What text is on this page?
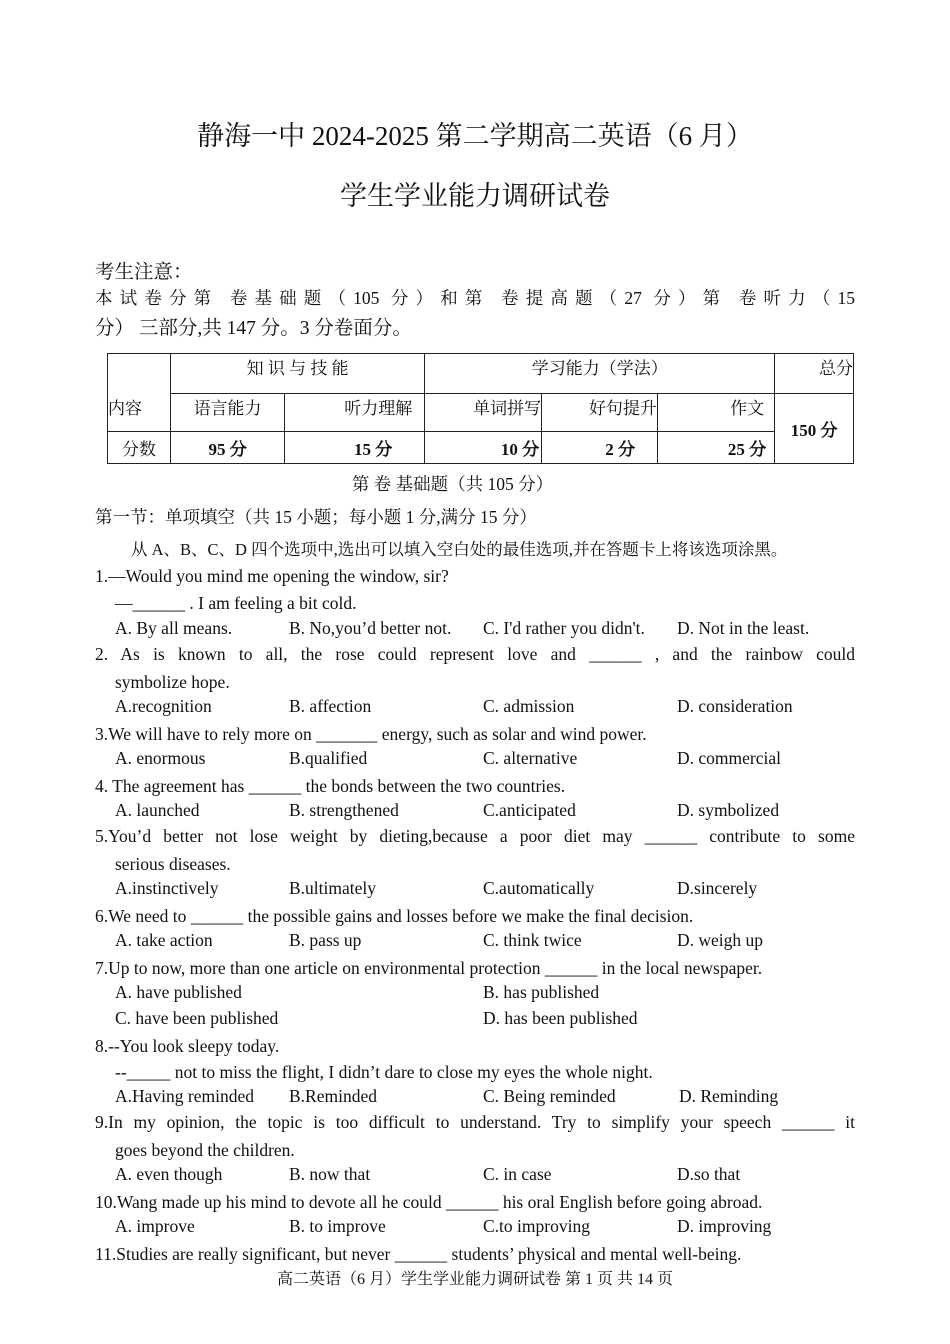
静海一中 2024-2025 第二学期高二英语（6 月）
学生学业能力调研试卷
考生注意：
本试卷分第 卷基础题（105 分）和第 卷提高题（27 分）第 卷听力（15
分） 三部分,共 147 分。3 分卷面分。
	知 识 与 技 能		学习能力（学法）			总分
内容	语言能力	听力理解	单词拼写	好句提升	作文	150 分
分数	95 分	15 分	10 分	2 分	25 分	
第 卷 基础题（共 105 分）
第一节：单项填空（共 15 小题；每小题 1 分,满分 15 分）
从 A、B、C、D 四个选项中,选出可以填入空白处的最佳选项,并在答题卡上将该选项涂黑。
1.—Would you mind me opening the window, sir?
—______ . I am feeling a bit cold.
A. By all means.	B. No,you’d better not. C. I'd rather you didn't. D. Not in the least.
2. As is known to all, the rose could represent love and ______ , and the rainbow could
symbolize hope.
A.recognition	B. affection	C. admission	D. consideration
3.We will have to rely more on _______ energy, such as solar and wind power.
A. enormous	B.qualified	C. alternative	D. commercial
4. The agreement has ______ the bonds between the two countries.
A. launched	B. strengthened	C.anticipated	D. symbolized
5.You’d better not lose weight by dieting,because a poor diet may ______ contribute to some
serious diseases.
A.instinctively	B.ultimately	C.automatically	D.sincerely
6.We need to ______ the possible gains and losses before we make the final decision.
A. take action	B. pass up	C. think twice	D. weigh up
7.Up to now, more than one article on environmental protection ______ in the local newspaper.
A. have published	B. has published
C. have been published	D. has been published
8.--You look sleepy today.
--_____ not to miss the flight, I didn’t dare to close my eyes the whole night.
A.Having reminded B.Reminded	C. Being reminded	D. Reminding
9.In my opinion, the topic is too difficult to understand. Try to simplify your speech ______ it
goes beyond the children.
A. even though	B. now that	C. in case	D.so that
10.Wang made up his mind to devote all he could ______ his oral English before going abroad.
A. improve	B. to improve	C.to improving	D. improving
11.Studies are really significant, but never ______ students’ physical and mental well-being.
高二英语（6 月）学生学业能力调研试卷 第 1 页 共 14 页
